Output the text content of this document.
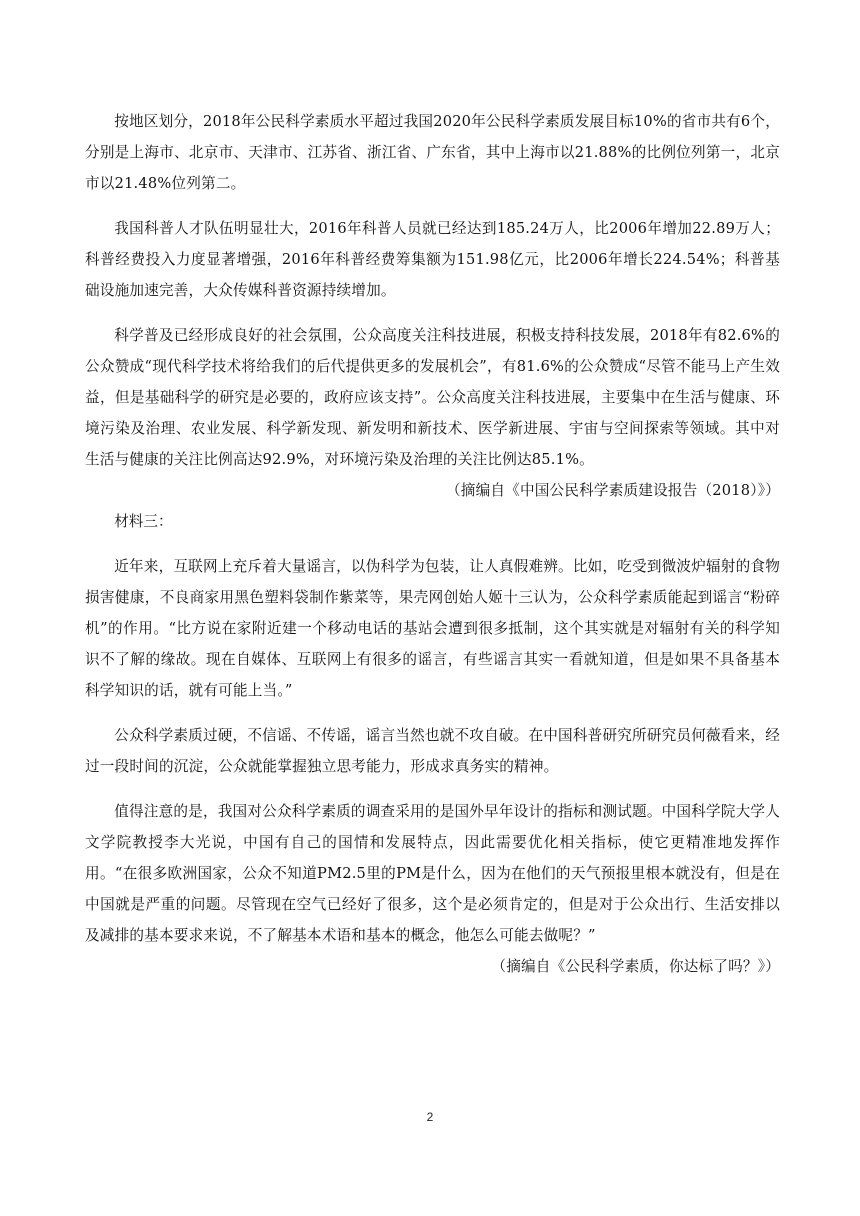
按地区划分，2018年公民科学素质水平超过我国2020年公民科学素质发展目标10%的省市共有6个，分别是上海市、北京市、天津市、江苏省、浙江省、广东省，其中上海市以21.88%的比例位列第一，北京市以21.48%位列第二。

我国科普人才队伍明显壮大，2016年科普人员就已经达到185.24万人，比2006年增加22.89万人；科普经费投入力度显著增强，2016年科普经费筹集额为151.98亿元，比2006年增长224.54%；科普基础设施加速完善，大众传媒科普资源持续增加。

科学普及已经形成良好的社会氛围，公众高度关注科技进展，积极支持科技发展，2018年有82.6%的公众赞成“现代科学技术将给我们的后代提供更多的发展机会”，有81.6%的公众赞成“尽管不能马上产生效益，但是基础科学的研究是必要的，政府应该支持”。公众高度关注科技进展，主要集中在生活与健康、环境污染及治理、农业发展、科学新发现、新发明和新技术、医学新进展、宇宙与空间探索等领域。其中对生活与健康的关注比例高达92.9%，对环境污染及治理的关注比例达85.1%。

（摘编自《中国公民科学素质建设报告（2018）》）

材料三：

近年来，互联网上充斥着大量谣言，以伪科学为包装，让人真假难辨。比如，吃受到微波炉辐射的食物损害健康，不良商家用黑色塑料袋制作紫菜等，果壳网创始人姬十三认为，公众科学素质能起到谣言“粉碎机”的作用。“比方说在家附近建一个移动电话的基站会遭到很多抵制，这个其实就是对辐射有关的科学知识不了解的缘故。现在自媒体、互联网上有很多的谣言，有些谣言其实一看就知道，但是如果不具备基本科学知识的话，就有可能上当。”

公众科学素质过硬，不信谣、不传谣，谣言当然也就不攻自破。在中国科普研究所研究员何薇看来，经过一段时间的沉淀，公众就能掌握独立思考能力，形成求真务实的精神。

值得注意的是，我国对公众科学素质的调查采用的是国外早年设计的指标和测试题。中国科学院大学人文学院教授李大光说，中国有自己的国情和发展特点，因此需要优化相关指标，使它更精准地发挥作用。“在很多欧洲国家，公众不知道PM2.5里的PM是什么，因为在他们的天气预报里根本就没有，但是在中国就是严重的问题。尽管现在空气已经好了很多，这个是必须肯定的，但是对于公众出行、生活安排以及减排的基本要求来说，不了解基本术语和基本的概念，他怎么可能去做呢？”

（摘编自《公民科学素质，你达标了吗？》）

2
